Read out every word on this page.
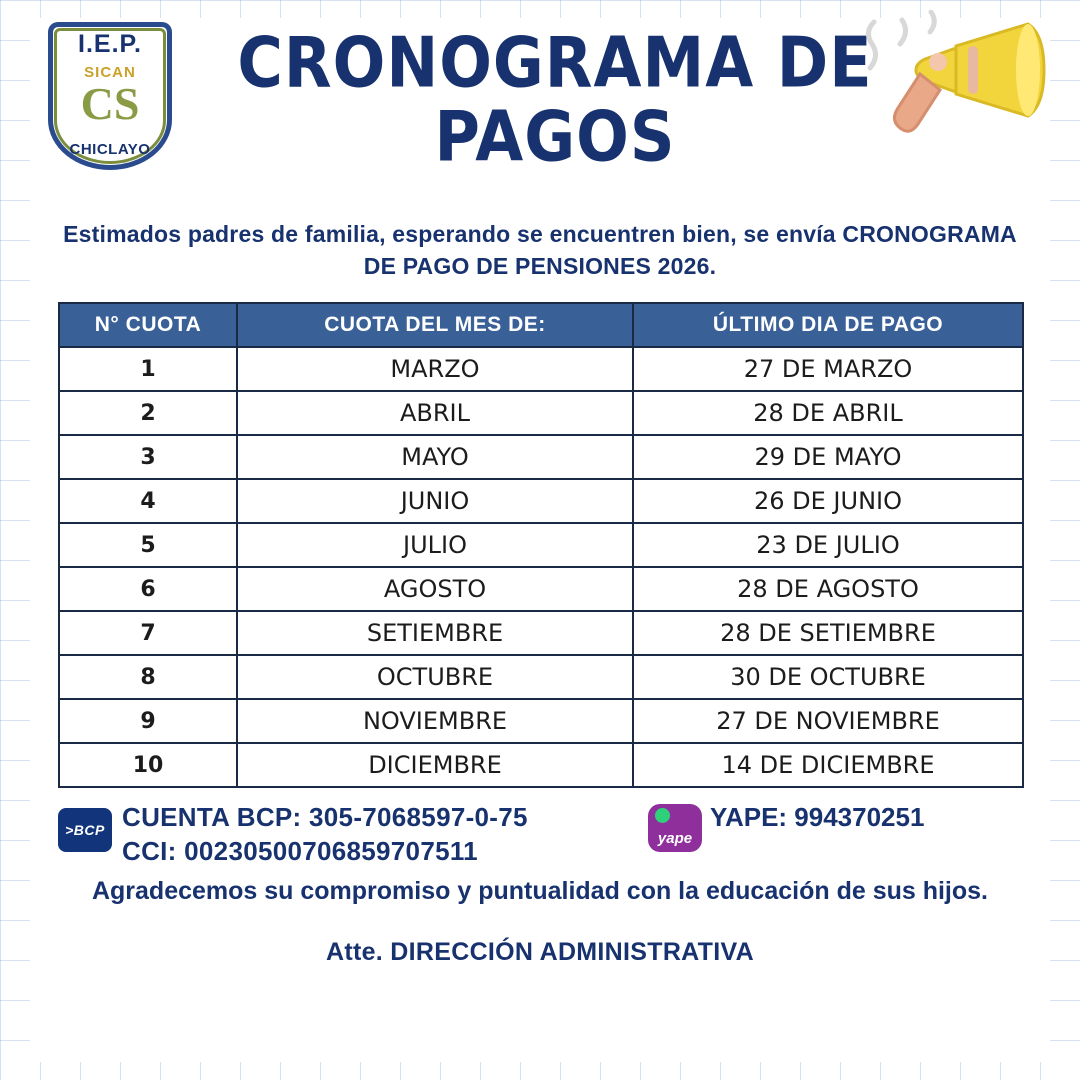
I.E.P.
SICAN
CS
CHICLAYO
CRONOGRAMA DE PAGOS
Estimados padres de familia, esperando se encuentren bien, se envía CRONOGRAMA DE PAGO DE PENSIONES 2026.
N° CUOTA	CUOTA DEL MES DE:	ÚLTIMO DIA DE PAGO
1	MARZO	27 DE MARZO
2	ABRIL	28 DE ABRIL
3	MAYO	29 DE MAYO
4	JUNIO	26 DE JUNIO
5	JULIO	23 DE JULIO
6	AGOSTO	28 DE AGOSTO
7	SETIEMBRE	28 DE SETIEMBRE
8	OCTUBRE	30 DE OCTUBRE
9	NOVIEMBRE	27 DE NOVIEMBRE
10	DICIEMBRE	14 DE DICIEMBRE
>BCP CUENTA BCP: 305-7068597-0-75
CCI: 00230500706859707511	yape
YAPE: 994370251
Agradecemos su compromiso y puntualidad con la educación de sus hijos.
Atte. DIRECCIÓN ADMINISTRATIVA
